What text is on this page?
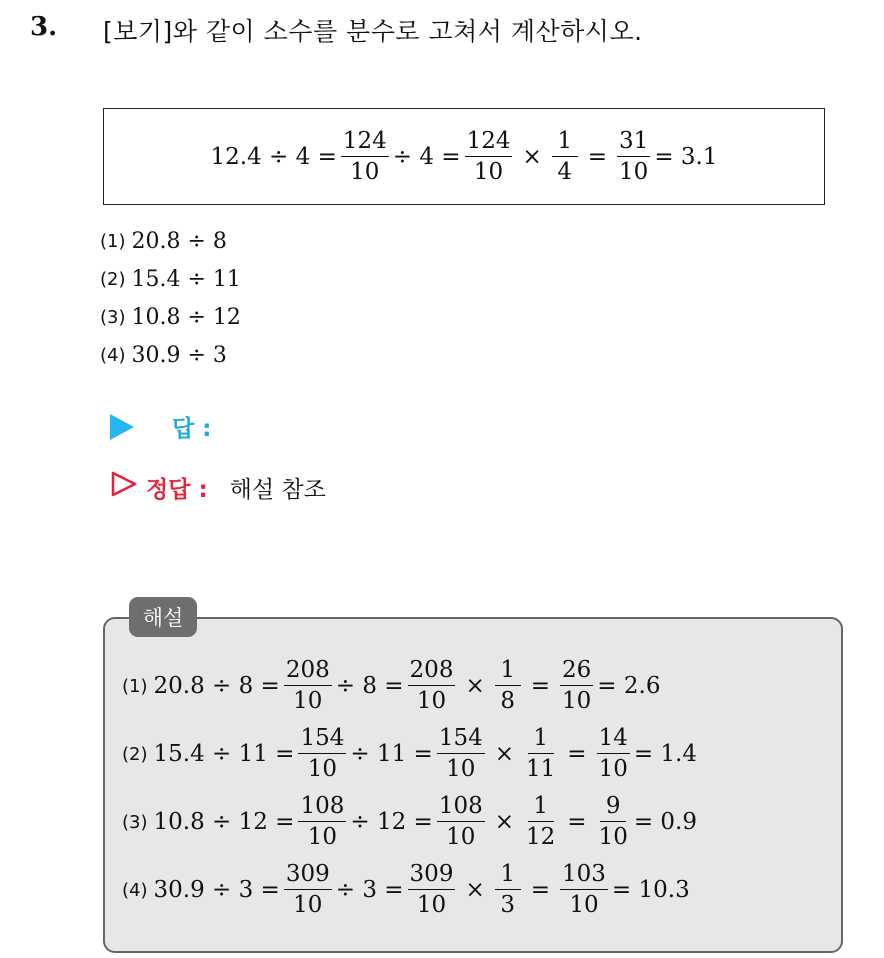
3. [보기]와 같이 소수를 분수로 고쳐서 계산하시오.
$12.4 \div 4 = \frac{124}{10} \div 4 = \frac{124}{10} \times \frac{1}{4} = \frac{31}{10} = 3.1$
(1) 20.8 ÷ 8
(2) 15.4 ÷ 11
(3) 10.8 ÷ 12
(4) 30.9 ÷ 3
답 :
정답 : 해설 참조
해설
(1) $20.8 \div 8 = \frac{208}{10} \div 8 = \frac{208}{10} \times \frac{1}{8} = \frac{26}{10} = 2.6$
(2) $15.4 \div 11 = \frac{154}{10} \div 11 = \frac{154}{10} \times \frac{1}{11} = \frac{14}{10} = 1.4$
(3) $10.8 \div 12 = \frac{108}{10} \div 12 = \frac{108}{10} \times \frac{1}{12} = \frac{9}{10} = 0.9$
(4) $30.9 \div 3 = \frac{309}{10} \div 3 = \frac{309}{10} \times \frac{1}{3} = \frac{103}{10} = 10.3$
